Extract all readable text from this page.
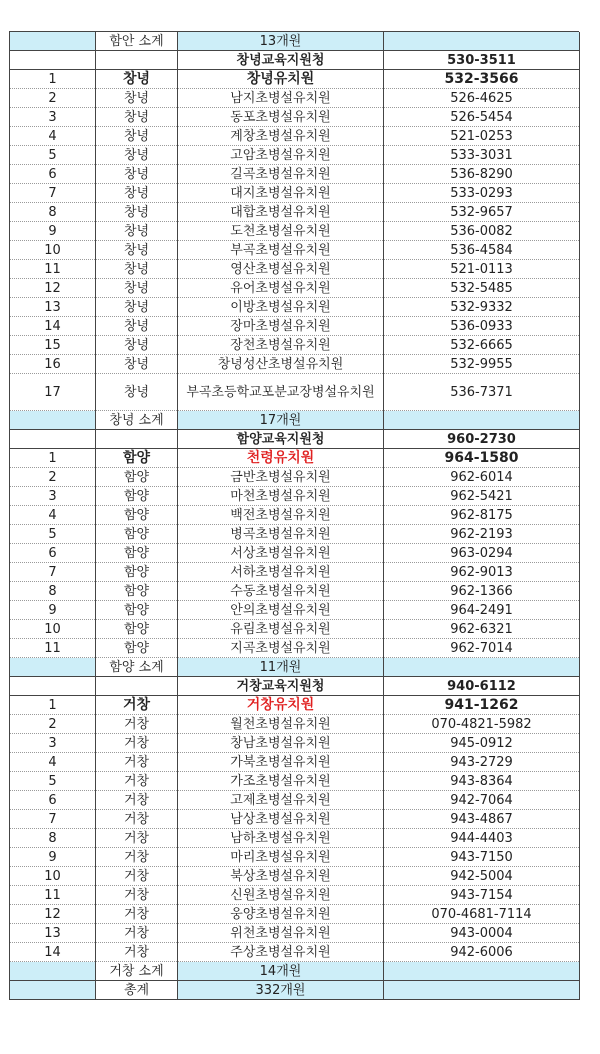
	함안 소계	13개원	
		창녕교육지원청	530-3511
1	창녕	창녕유치원	532-3566
2	창녕	남지초병설유치원	526-4625
3	창녕	동포초병설유치원	526-5454
4	창녕	계창초병설유치원	521-0253
5	창녕	고암초병설유치원	533-3031
6	창녕	길곡초병설유치원	536-8290
7	창녕	대지초병설유치원	533-0293
8	창녕	대합초병설유치원	532-9657
9	창녕	도천초병설유치원	536-0082
10	창녕	부곡초병설유치원	536-4584
11	창녕	영산초병설유치원	521-0113
12	창녕	유어초병설유치원	532-5485
13	창녕	이방초병설유치원	532-9332
14	창녕	장마초병설유치원	536-0933
15	창녕	장천초병설유치원	532-6665
16	창녕	창녕성산초병설유치원	532-9955
17	창녕	부곡초등학교포분교장병설유치원	536-7371
	창녕 소계	17개원	
		함양교육지원청	960-2730
1	함양	천령유치원	964-1580
2	함양	금반초병설유치원	962-6014
3	함양	마천초병설유치원	962-5421
4	함양	백전초병설유치원	962-8175
5	함양	병곡초병설유치원	962-2193
6	함양	서상초병설유치원	963-0294
7	함양	서하초병설유치원	962-9013
8	함양	수동초병설유치원	962-1366
9	함양	안의초병설유치원	964-2491
10	함양	유림초병설유치원	962-6321
11	함양	지곡초병설유치원	962-7014
	함양 소계	11개원	
		거창교육지원청	940-6112
1	거창	거창유치원	941-1262
2	거창	월천초병설유치원	070-4821-5982
3	거창	창남초병설유치원	945-0912
4	거창	가북초병설유치원	943-2729
5	거창	가조초병설유치원	943-8364
6	거창	고제초병설유치원	942-7064
7	거창	남상초병설유치원	943-4867
8	거창	남하초병설유치원	944-4403
9	거창	마리초병설유치원	943-7150
10	거창	북상초병설유치원	942-5004
11	거창	신원초병설유치원	943-7154
12	거창	웅양초병설유치원	070-4681-7114
13	거창	위천초병설유치원	943-0004
14	거창	주상초병설유치원	942-6006
	거창 소계	14개원	
	총계	332개원	
